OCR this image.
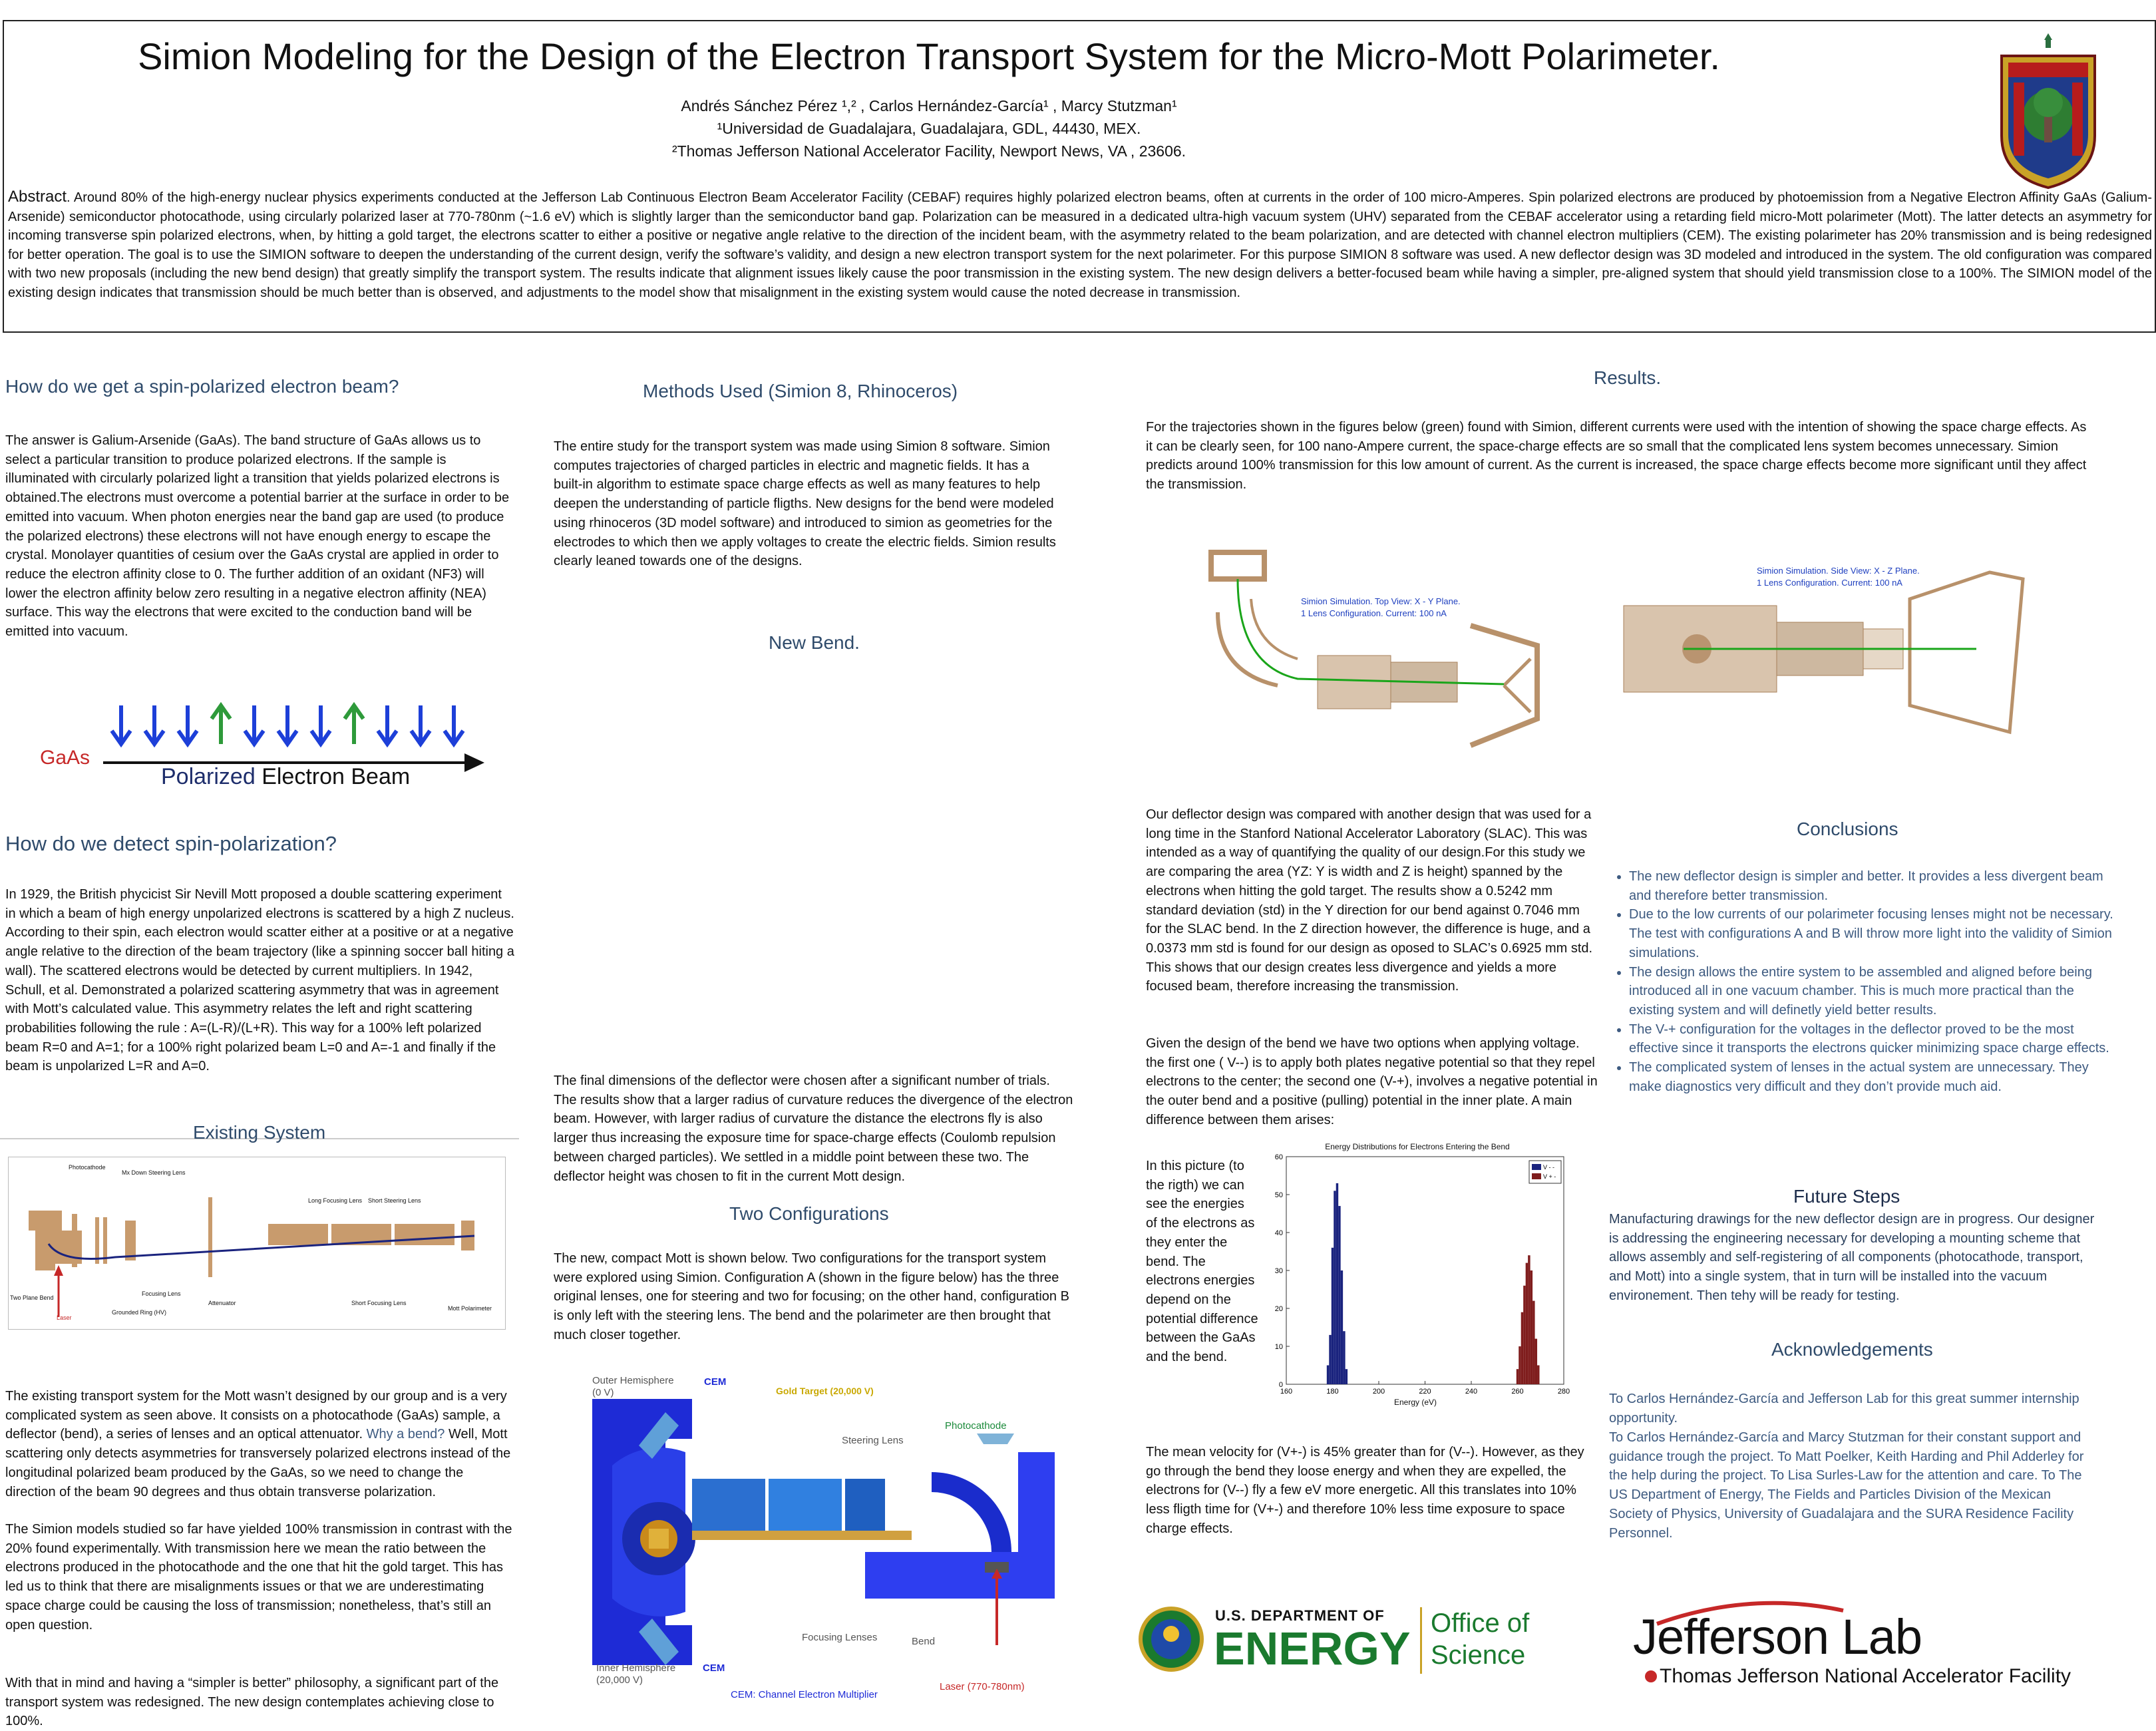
Simion Modeling for the Design of the Electron Transport System for the Micro-Mott Polarimeter.
Andrés Sánchez Pérez ¹,² , Carlos Hernández-García¹ , Marcy Stutzman¹
¹Universidad de Guadalajara, Guadalajara, GDL, 44430, MEX.
²Thomas Jefferson National Accelerator Facility, Newport News, VA , 23606.
Abstract. Around 80% of the high-energy nuclear physics experiments conducted at the Jefferson Lab Continuous Electron Beam Accelerator Facility (CEBAF) requires highly polarized electron beams, often at currents in the order of 100 micro-Amperes. Spin polarized electrons are produced by photoemission from a Negative Electron Affinity GaAs (Galium-Arsenide) semiconductor photocathode, using circularly polarized laser at 770-780nm (~1.6 eV) which is slightly larger than the semiconductor band gap. Polarization can be measured in a dedicated ultra-high vacuum system (UHV) separated from the CEBAF accelerator using a retarding field micro-Mott polarimeter (Mott). The latter detects an asymmetry for incoming transverse spin polarized electrons, when, by hitting a gold target, the electrons scatter to either a positive or negative angle relative to the direction of the incident beam, with the asymmetry related to the beam polarization, and are detected with channel electron multipliers (CEM). The existing polarimeter has 20% transmission and is being redesigned for better operation. The goal is to use the SIMION software to deepen the understanding of the current design, verify the software’s validity, and design a new electron transport system for the next polarimeter. For this purpose SIMION 8 software was used. A new deflector design was 3D modeled and introduced in the system. The old configuration was compared with two new proposals (including the new bend design) that greatly simplify the transport system. The results indicate that alignment issues likely cause the poor transmission in the existing system. The new design delivers a better-focused beam while having a simpler, pre-aligned system that should yield transmission close to a 100%. The SIMION model of the existing design indicates that transmission should be much better than is observed, and adjustments to the model show that misalignment in the existing system would cause the noted decrease in transmission.
How do we get a spin-polarized electron beam?
The answer is Galium-Arsenide (GaAs). The band structure of GaAs allows us to select a particular transition to produce polarized electrons. If the sample is illuminated with circularly polarized light a transition that yields polarized electrons is obtained.The electrons must overcome a potential barrier at the surface in order to be emitted into vacuum. When photon energies near the band gap are used (to produce the polarized electrons) these electrons will not have enough energy to escape the crystal. Monolayer quantities of cesium over the GaAs crystal are applied in order to reduce the electron affinity close to 0. The further addition of an oxidant (NF3) will lower the electron affinity below zero resulting in a negative electron affinity (NEA) surface. This way the electrons that were excited to the conduction band will be emitted into vacuum.
GaAs
Polarized Electron Beam
How do we detect spin-polarization?
In 1929, the British phycicist Sir Nevill Mott proposed a double scattering experiment in which a beam of high energy unpolarized electrons is scattered by a high Z nucleus. According to their spin, each electron would scatter either at a positive or at a negative angle relative to the direction of the beam trajectory (like a spinning soccer ball hiting a wall). The scattered electrons would be detected by current multipliers. In 1942, Schull, et al. Demonstrated a polarized scattering asymmetry that was in agreement with Mott’s calculated value. This asymmetry relates the left and right scattering probabilities following the rule : A=(L-R)/(L+R). This way for a 100% left polarized beam R=0 and A=1; for a 100% right polarized beam L=0 and A=-1 and finally if the beam is unpolarized L=R and A=0.
Existing System
Photocathode
Mx Down Steering Lens
Long Focusing Lens Short Steering Lens
Two Plane Bend
Laser
Grounded Ring (HV)
Focusing Lens
Attenuator	Short Focusing Lens
Mott Polarimeter
The existing transport system for the Mott wasn’t designed by our group and is a very complicated system as seen above. It consists on a photocathode (GaAs) sample, a deflector (bend), a series of lenses and an optical attenuator. Why a bend? Well, Mott scattering only detects asymmetries for transversely polarized electrons instead of the longitudinal polarized beam produced by the GaAs, so we need to change the direction of the beam 90 degrees and thus obtain transverse polarization.
The Simion models studied so far have yielded 100% transmission in contrast with the 20% found experimentally. With transmission here we mean the ratio between the electrons produced in the photocathode and the one that hit the gold target. This has led us to think that there are misalignments issues or that we are underestimating space charge could be causing the loss of transmission; nonetheless, that’s still an open question.
With that in mind and having a “simpler is better” philosophy, a significant part of the transport system was redesigned. The new design contemplates achieving close to 100%.
Methods Used (Simion 8, Rhinoceros)
The entire study for the transport system was made using Simion 8 software. Simion computes trajectories of charged particles in electric and magnetic fields. It has a built-in algorithm to estimate space charge effects as well as many features to help deepen the understanding of particle fligths. New designs for the bend were modeled using rhinoceros (3D model software) and introduced to simion as geometries for the electrodes to which then we apply voltages to create the electric fields. Simion results clearly leaned towards one of the designs.
New Bend.
The final dimensions of the deflector were chosen after a significant number of trials. The results show that a larger radius of curvature reduces the divergence of the electron beam. However, with larger radius of curvature the distance the electrons fly is also larger thus increasing the exposure time for space-charge effects (Coulomb repulsion between charged particles). We settled in a middle point between these two. The deflector height was chosen to fit in the current Mott design.
Two Configurations
The new, compact Mott is shown below. Two configurations for the transport system were explored using Simion. Configuration A (shown in the figure below) has the three original lenses, one for steering and two for focusing; on the other hand, configuration B is only left with the steering lens. The bend and the polarimeter are then brought that much closer together.
Outer Hemisphere
(0 V)
CEM
Gold Target (20,000 V)
Steering Lens
Photocathode
Focusing Lenses	Bend
Inner Hemisphere
(20,000 V)
CEM
Laser (770-780nm)
CEM: Channel Electron Multiplier
Results.
For the trajectories shown in the figures below (green) found with Simion, different currents were used with the intention of showing the space charge effects. As it can be clearly seen, for 100 nano-Ampere current, the space-charge effects are so small that the complicated lens system becomes unnecessary. Simion predicts around 100% transmission for this low amount of current. As the current is increased, the space charge effects become more significant until they affect the transmission.
Simion Simulation. Top View: X - Y Plane.
1 Lens Configuration. Current: 100 nA
Simion Simulation. Side View: X - Z Plane.
1 Lens Configuration. Current: 100 nA
Our deflector design was compared with another design that was used for a long time in the Stanford National Accelerator Laboratory (SLAC). This was intended as a way of quantifying the quality of our design.For this study we are comparing the area (YZ: Y is width and Z is height) spanned by the electrons when hitting the gold target. The results show a 0.5242 mm standard deviation (std) in the Y direction for our bend against 0.7046 mm for the SLAC bend. In the Z direction however, the difference is huge, and a 0.0373 mm std is found for our design as oposed to SLAC’s 0.6925 mm std. This shows that our design creates less divergence and yields a more focused beam, therefore increasing the transmission.
Given the design of the bend we have two options when applying voltage. the first one ( V--) is to apply both plates negative potential so that they repel electrons to the center; the second one (V-+), involves a negative potential in the outer bend and a positive (pulling) potential in the inner plate. A main difference between them arises:
In this picture (to the rigth) we can see the energies of the electrons as they enter the bend. The electrons energies depend on the potential difference between the GaAs and the bend.
Energy Distributions for Electrons Entering the Bend
160	180	200	220	240	260	280
0
10
20
30
40
50
60
V - -
V + -
Energy (eV)
The mean velocity for (V+-) is 45% greater than for (V--). However, as they go through the bend they loose energy and when they are expelled, the electrons for (V--) fly a few eV more energetic. All this translates into 10% less fligth time for (V+-) and therefore 10% less time exposure to space charge effects.
Conclusions
• The new deflector design is simpler and better. It provides a less divergent beam and therefore better transmission.
• Due to the low currents of our polarimeter focusing lenses might not be necessary. The test with configurations A and B will throw more light into the validity of Simion simulations.
• The design allows the entire system to be assembled and aligned before being introduced all in one vacuum chamber. This is much more practical than the existing system and will definetly yield better results.
• The V-+ configuration for the voltages in the deflector proved to be the most effective since it transports the electrons quicker minimizing space charge effects.
• The complicated system of lenses in the actual system are unnecessary. They make diagnostics very difficult and they don’t provide much aid.
Future Steps
Manufacturing drawings for the new deflector design are in progress. Our designer is addressing the engineering necessary for developing a mounting scheme that allows assembly and self-registering of all components (photocathode, transport, and Mott) into a single system, that in turn will be installed into the vacuum environement. Then tehy will be ready for testing.
Acknowledgements
To Carlos Hernández-García and Jefferson Lab for this great summer internship opportunity.
To Carlos Hernández-García and Marcy Stutzman for their constant support and guidance trough the project. To Matt Poelker, Keith Harding and Phil Adderley for the help during the project. To Lisa Surles-Law for the attention and care. To The US Department of Energy, The Fields and Particles Division of the Mexican Society of Physics, University of Guadalajara and the SURA Residence Facility Personnel.
U.S. DEPARTMENT OF
ENERGY Office of
Science Jefferson Lab
Thomas Jefferson National Accelerator Facility
